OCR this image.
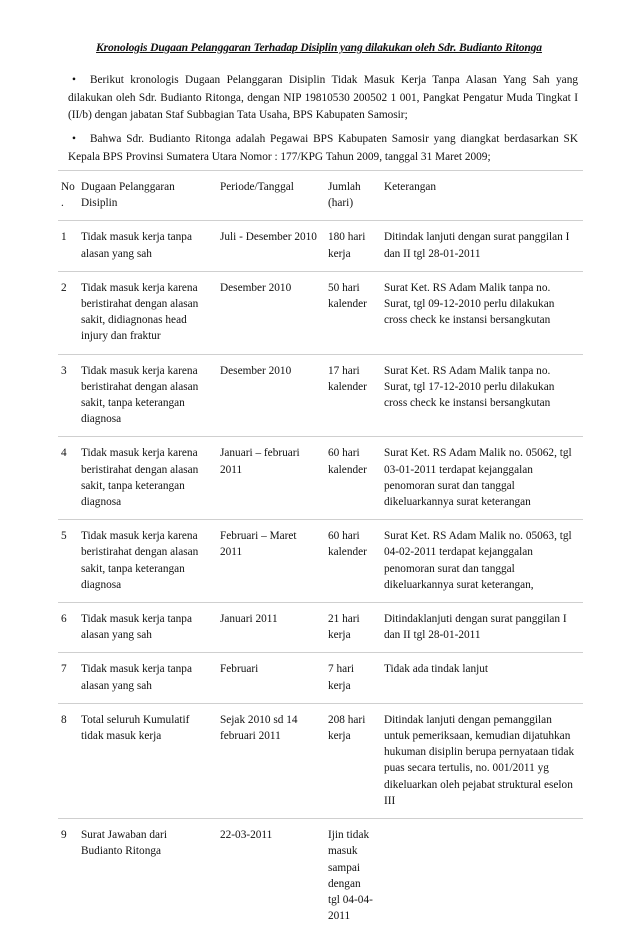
Kronologis Dugaan Pelanggaran Terhadap Disiplin yang dilakukan oleh Sdr. Budianto Ritonga
• Berikut kronologis Dugaan Pelanggaran Disiplin Tidak Masuk Kerja Tanpa Alasan Yang Sah yang dilakukan oleh Sdr. Budianto Ritonga, dengan NIP 19810530 200502 1 001, Pangkat Pengatur Muda Tingkat I (II/b) dengan jabatan Staf Subbagian Tata Usaha, BPS Kabupaten Samosir;
• Bahwa Sdr. Budianto Ritonga adalah Pegawai BPS Kabupaten Samosir yang diangkat berdasarkan SK Kepala BPS Provinsi Sumatera Utara Nomor : 177/KPG Tahun 2009, tanggal 31 Maret 2009;
No .	Dugaan Pelanggaran Disiplin	Periode/Tanggal	Jumlah (hari)	Keterangan
1	Tidak masuk kerja tanpa alasan yang sah	Juli - Desember 2010	180 hari kerja	Ditindak lanjuti dengan surat panggilan I dan II tgl 28-01-2011
2	Tidak masuk kerja karena beristirahat dengan alasan sakit, didiagnonas head injury dan fraktur	Desember 2010	50 hari kalender	Surat Ket. RS Adam Malik tanpa no. Surat, tgl 09-12-2010 perlu dilakukan cross check ke instansi bersangkutan
3	Tidak masuk kerja karena beristirahat dengan alasan sakit, tanpa keterangan diagnosa	Desember 2010	17 hari kalender	Surat Ket. RS Adam Malik tanpa no. Surat, tgl 17-12-2010 perlu dilakukan cross check ke instansi bersangkutan
4	Tidak masuk kerja karena beristirahat dengan alasan sakit, tanpa keterangan diagnosa	Januari – februari 2011	60 hari kalender	Surat Ket. RS Adam Malik no. 05062, tgl 03-01-2011 terdapat kejanggalan penomoran surat dan tanggal dikeluarkannya surat keterangan
5	Tidak masuk kerja karena beristirahat dengan alasan sakit, tanpa keterangan diagnosa	Februari – Maret 2011	60 hari kalender	Surat Ket. RS Adam Malik no. 05063, tgl 04-02-2011 terdapat kejanggalan penomoran surat dan tanggal dikeluarkannya surat keterangan,
6	Tidak masuk kerja tanpa alasan yang sah	Januari 2011	21 hari kerja	Ditindaklanjuti dengan surat panggilan I dan II tgl 28-01-2011
7	Tidak masuk kerja tanpa alasan yang sah	Februari	7 hari kerja	Tidak ada tindak lanjut
8	Total seluruh Kumulatif tidak masuk kerja	Sejak 2010 sd 14 februari 2011	208 hari kerja	Ditindak lanjuti dengan pemanggilan untuk pemeriksaan, kemudian dijatuhkan hukuman disiplin berupa pernyataan tidak puas secara tertulis, no. 001/2011 yg dikeluarkan oleh pejabat struktural eselon III
9	Surat Jawaban dari Budianto Ritonga	22-03-2011	Ijin tidak masuk sampai dengan tgl 04-04-2011	
